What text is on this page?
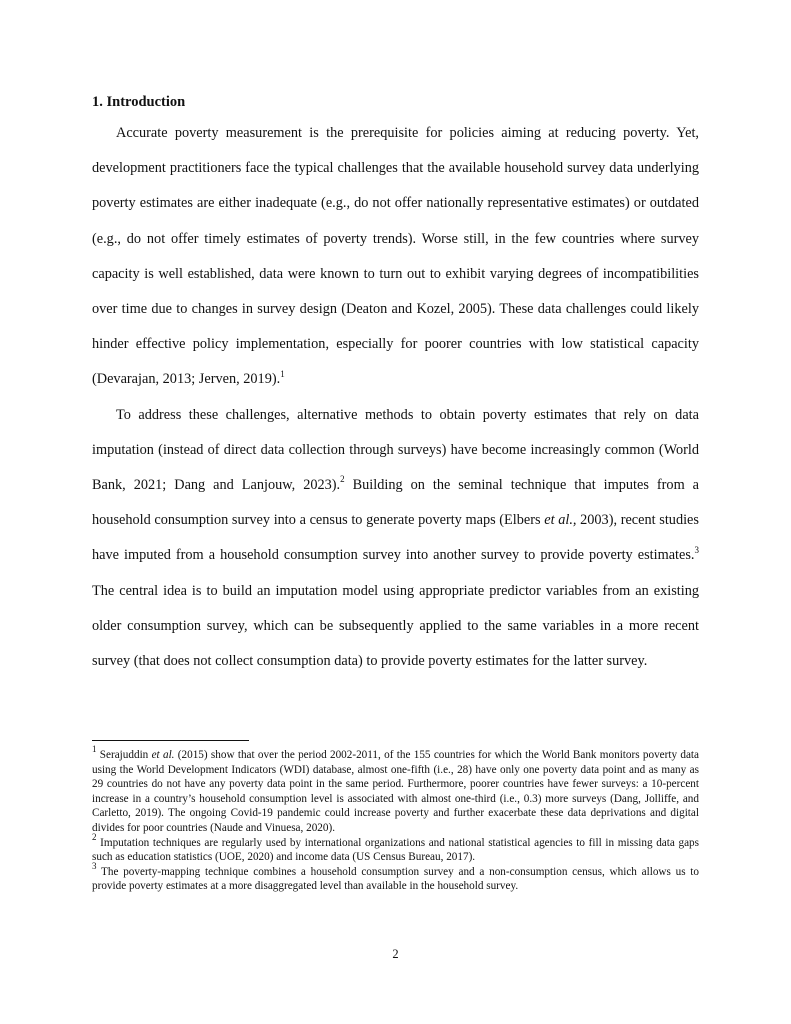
1. Introduction

Accurate poverty measurement is the prerequisite for policies aiming at reducing poverty. Yet, development practitioners face the typical challenges that the available household survey data underlying poverty estimates are either inadequate (e.g., do not offer nationally representative estimates) or outdated (e.g., do not offer timely estimates of poverty trends). Worse still, in the few countries where survey capacity is well established, data were known to turn out to exhibit varying degrees of incompatibilities over time due to changes in survey design (Deaton and Kozel, 2005). These data challenges could likely hinder effective policy implementation, especially for poorer countries with low statistical capacity (Devarajan, 2013; Jerven, 2019).$^1$

To address these challenges, alternative methods to obtain poverty estimates that rely on data imputation (instead of direct data collection through surveys) have become increasingly common (World Bank, 2021; Dang and Lanjouw, 2023).$^2$ Building on the seminal technique that imputes from a household consumption survey into a census to generate poverty maps (Elbers et al., 2003), recent studies have imputed from a household consumption survey into another survey to provide poverty estimates.$^3$ The central idea is to build an imputation model using appropriate predictor variables from an existing older consumption survey, which can be subsequently applied to the same variables in a more recent survey (that does not collect consumption data) to provide poverty estimates for the latter survey.

$^1$ Serajuddin et al. (2015) show that over the period 2002-2011, of the 155 countries for which the World Bank monitors poverty data using the World Development Indicators (WDI) database, almost one-fifth (i.e., 28) have only one poverty data point and as many as 29 countries do not have any poverty data point in the same period. Furthermore, poorer countries have fewer surveys: a 10-percent increase in a country’s household consumption level is associated with almost one-third (i.e., 0.3) more surveys (Dang, Jolliffe, and Carletto, 2019). The ongoing Covid-19 pandemic could increase poverty and further exacerbate these data deprivations and digital divides for poor countries (Naude and Vinuesa, 2020).

$^2$ Imputation techniques are regularly used by international organizations and national statistical agencies to fill in missing data gaps such as education statistics (UOE, 2020) and income data (US Census Bureau, 2017).

$^3$ The poverty-mapping technique combines a household consumption survey and a non-consumption census, which allows us to provide poverty estimates at a more disaggregated level than available in the household survey.

2
